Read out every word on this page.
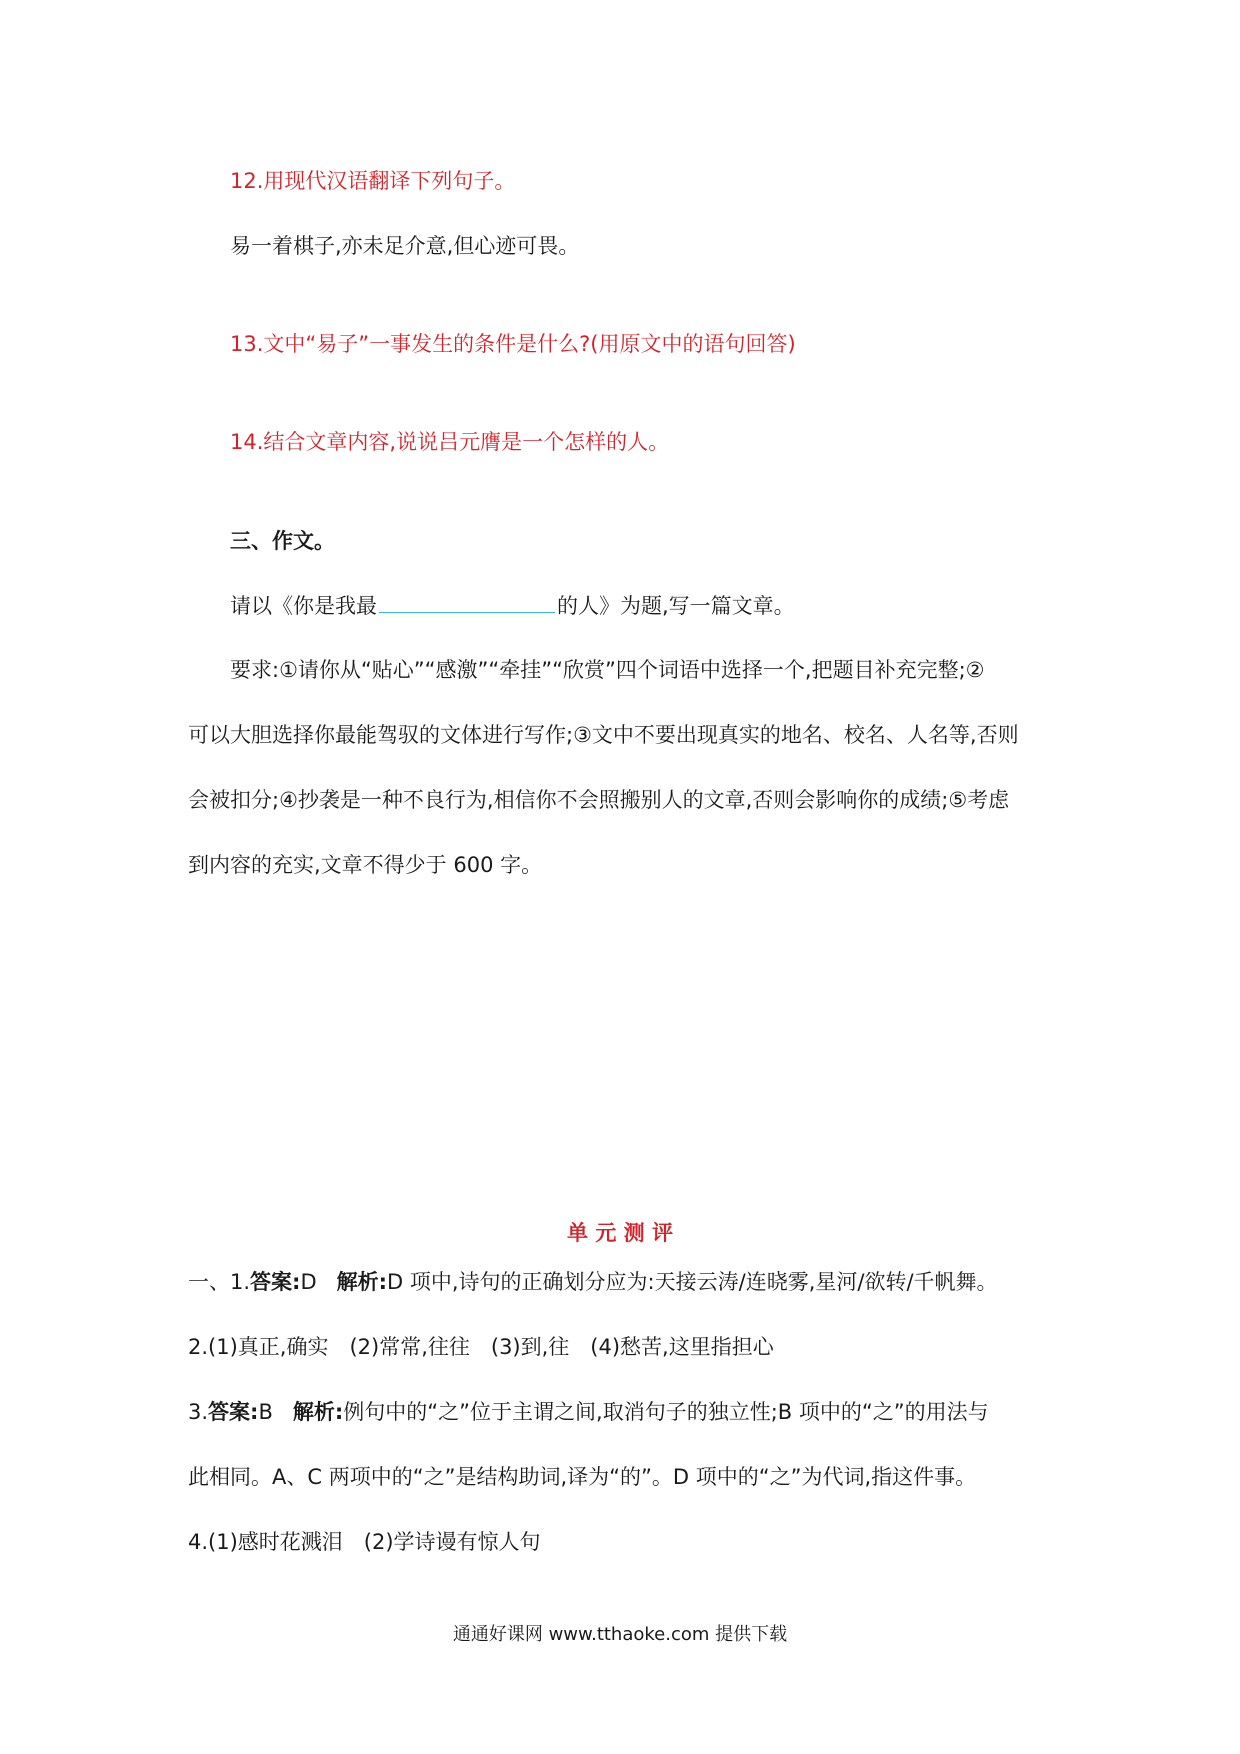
12.用现代汉语翻译下列句子。
易一着棋子,亦未足介意,但心迹可畏。
13.文中“易子”一事发生的条件是什么?(用原文中的语句回答)
14.结合文章内容,说说吕元膺是一个怎样的人。
三、作文。
请以《你是我最	的人》为题,写一篇文章。
要求:①请你从“贴心”“感激”“牵挂”“欣赏”四个词语中选择一个,把题目补充完整;②
可以大胆选择你最能驾驭的文体进行写作;③文中不要出现真实的地名、校名、人名等,否则
会被扣分;④抄袭是一种不良行为,相信你不会照搬别人的文章,否则会影响你的成绩;⑤考虑
到内容的充实,文章不得少于 600 字。
单 元 测 评
一、1.答案:D 解析:D 项中,诗句的正确划分应为:天接云涛/连晓雾,星河/欲转/千帆舞。
2.(1)真正,确实　(2)常常,往往　(3)到,往　(4)愁苦,这里指担心
3.答案:B 解析:例句中的“之”位于主谓之间,取消句子的独立性;B 项中的“之”的用法与
此相同。A、C 两项中的“之”是结构助词,译为“的”。D 项中的“之”为代词,指这件事。
4.(1)感时花溅泪　(2)学诗谩有惊人句
通通好课网 www.tthaoke.com 提供下载
